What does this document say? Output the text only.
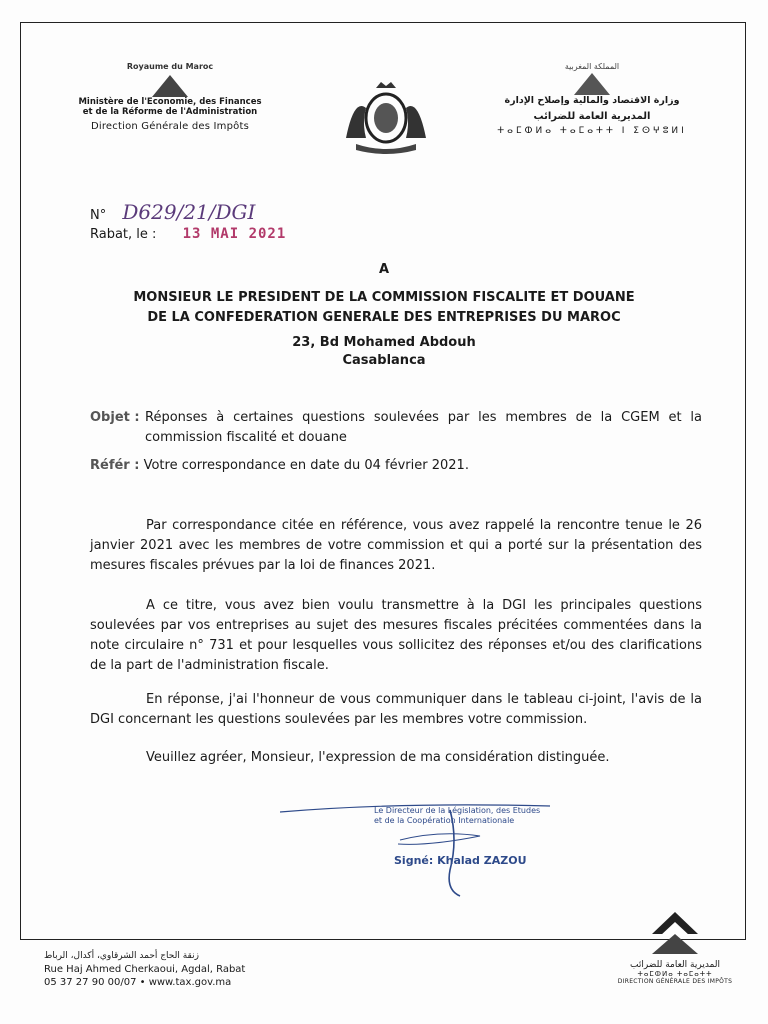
Royaume du Maroc
Ministère de l'Economie, des Finances
et de la Réforme de l'Administration
Direction Générale des Impôts
المملكة المغربية
وزارة الاقتصاد والمالية وإصلاح الإدارة
المديرية العامة للضرائب
ⵜⴰⵎⵀⵍⴰ ⵜⴰⵎⴰⵜⵜ ⵏ ⵉⵙⵖⵓⵍⵏ
N° D629/21/DGI
Rabat, le : 13 MAI 2021
A
MONSIEUR LE PRESIDENT DE LA COMMISSION FISCALITE ET DOUANE
DE LA CONFEDERATION GENERALE DES ENTREPRISES DU MAROC
23, Bd Mohamed Abdouh
Casablanca
Objet : Réponses à certaines questions soulevées par les membres de la CGEM et la commission fiscalité et douane
Référ : Votre correspondance en date du 04 février 2021.
Par correspondance citée en référence, vous avez rappelé la rencontre tenue le 26 janvier 2021 avec les membres de votre commission et qui a porté sur la présentation des mesures fiscales prévues par la loi de finances 2021.
A ce titre, vous avez bien voulu transmettre à la DGI les principales questions soulevées par vos entreprises au sujet des mesures fiscales précitées commentées dans la note circulaire n° 731 et pour lesquelles vous sollicitez des réponses et/ou des clarifications de la part de l'administration fiscale.
En réponse, j'ai l'honneur de vous communiquer dans le tableau ci-joint, l'avis de la DGI concernant les questions soulevées par les membres votre commission.
Veuillez agréer, Monsieur, l'expression de ma considération distinguée.
Le Directeur de la Législation, des Etudes
et de la Coopération Internationale
Signé: Khalad ZAZOU
زنقة الحاج أحمد الشرقاوي، أكدال، الرباط
Rue Haj Ahmed Cherkaoui, Agdal, Rabat
05 37 27 90 00/07 • www.tax.gov.ma
المديرية العامة للضرائب
ⵜⴰⵎⵀⵍⴰ ⵜⴰⵎⴰⵜⵜ
DIRECTION GÉNÉRALE DES IMPÔTS
